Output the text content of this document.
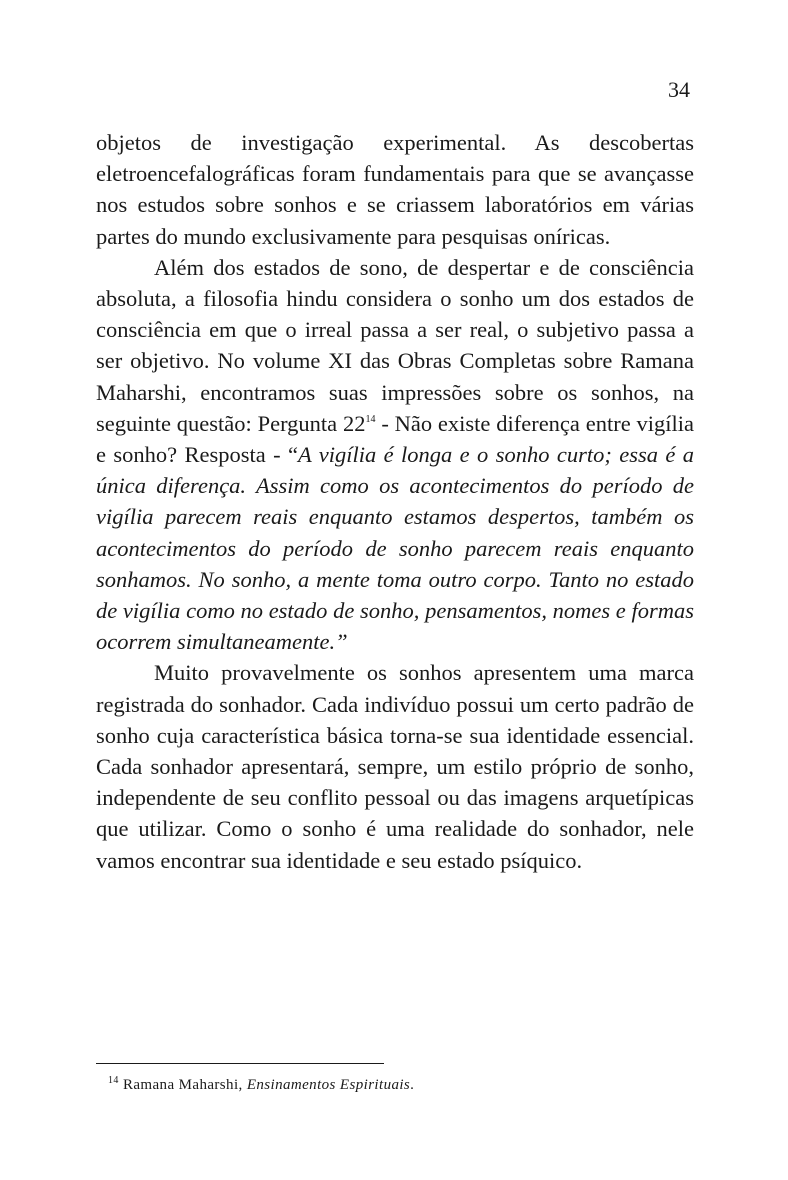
34

objetos de investigação experimental. As descobertas eletroencefalográficas foram fundamentais para que se avançasse nos estudos sobre sonhos e se criassem laboratórios em várias partes do mundo exclusivamente para pesquisas oníricas.

Além dos estados de sono, de despertar e de consciência absoluta, a filosofia hindu considera o sonho um dos estados de consciência em que o irreal passa a ser real, o subjetivo passa a ser objetivo. No volume XI das Obras Completas sobre Ramana Maharshi, encontramos suas impressões sobre os sonhos, na seguinte questão: Pergunta 22$^{14}$ - Não existe diferença entre vigília e sonho? Resposta - “A vigília é longa e o sonho curto; essa é a única diferença. Assim como os acontecimentos do período de vigília parecem reais enquanto estamos despertos, também os acontecimentos do período de sonho parecem reais enquanto sonhamos. No sonho, a mente toma outro corpo. Tanto no estado de vigília como no estado de sonho, pensamentos, nomes e formas ocorrem simultaneamente.”

Muito provavelmente os sonhos apresentem uma marca registrada do sonhador. Cada indivíduo possui um certo padrão de sonho cuja característica básica torna-se sua identidade essencial. Cada sonhador apresentará, sempre, um estilo próprio de sonho, independente de seu conflito pessoal ou das imagens arquetípicas que utilizar. Como o sonho é uma realidade do sonhador, nele vamos encontrar sua identidade e seu estado psíquico.

$^{14}$ Ramana Maharshi, Ensinamentos Espirituais.
